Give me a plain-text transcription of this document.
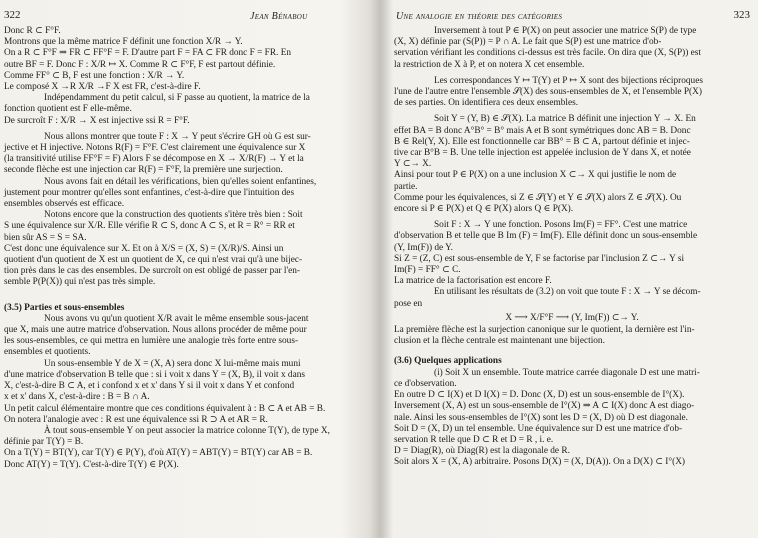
322	Jean Bénabou

Donc R ⊂ F°F.

Montrons que la même matrice F définit une fonction X/R → Y.

On a R ⊂ F°F ⇒ FR ⊂ FF°F = F. D'autre part F = FA ⊂ FR donc F = FR. En

outre BF = F. Donc F : X/R ↦ X. Comme R ⊂ F°F, F est partout définie.

Comme FF° ⊂ B, F est une fonction : X/R → Y.

Le composé X →R X/R →F X est FR, c'est-à-dire F.

Indépendamment du petit calcul, si F passe au quotient, la matrice de la

fonction quotient est F elle-même.

De surcroît F : X/R → X est injective ssi R = F°F.

Nous allons montrer que toute F : X → Y peut s'écrire GH où G est sur-

jective et H injective. Notons R(F) = F°F. C'est clairement une équivalence sur X

(la transitivité utilise FF°F = F) Alors F se décompose en X → X/R(F) → Y et la

seconde flèche est une injection car R(F) = F°F, la première une surjection.

Nous avons fait en détail les vérifications, bien qu'elles soient enfantines,

justement pour montrer qu'elles sont enfantines, c'est-à-dire que l'intuition des

ensembles observés est efficace.

Notons encore que la construction des quotients s'itère très bien : Soit

S une équivalence sur X/R. Elle vérifie R ⊂ S, donc A ⊂ S, et R = R° = RR et

bien sûr AS = S = SA.

C'est donc une équivalence sur X. Et on à X/S = (X, S) = (X/R)/S. Ainsi un

quotient d'un quotient de X est un quotient de X, ce qui n'est vrai qu'à une bijec-

tion près dans le cas des ensembles. De surcroît on est obligé de passer par l'en-

semble P(P(X)) qui n'est pas très simple.

(3.5) Parties et sous-ensembles

Nous avons vu qu'un quotient X/R avait le même ensemble sous-jacent

que X, mais une autre matrice d'observation. Nous allons procéder de même pour

les sous-ensembles, ce qui mettra en lumière une analogie très forte entre sous-

ensembles et quotients.

Un sous-ensemble Y de X = (X, A) sera donc X lui-même mais muni

d'une matrice d'observation B telle que : si i voit x dans Y = (X, B), il voit x dans

X, c'est-à-dire B ⊂ A, et i confond x et x' dans Y si il voit x dans Y et confond

x et x' dans X, c'est-à-dire : B = B ∩ A.

Un petit calcul élémentaire montre que ces conditions équivalent à : B ⊂ A et AB = B.

On notera l'analogie avec : R est une équivalence ssi R ⊃ A et AR = R.

À tout sous-ensemble Y on peut associer la matrice colonne T(Y), de type X,

définie par T(Y) = B.

On a T(Y) = BT(Y), car T(Y) ∈ P(Y), d'où AT(Y) = ABT(Y) = BT(Y) car AB = B.

Donc AT(Y) = T(Y). C'est-à-dire T(Y) ∈ P(X).

Une analogie en théorie des catégories	323

Inversement à tout P ∈ P(X) on peut associer une matrice S(P) de type

(X, X) définie par (S(P)) = P ∩ A. Le fait que S(P) est une matrice d'ob-

servation vérifiant les conditions ci-dessus est très facile. On dira que (X, S(P)) est

la restriction de X à P, et on notera X cet ensemble.

Les correspondances Y ↦ T(Y) et P ↦ X sont des bijections réciproques

l'une de l'autre entre l'ensemble 𝒮(X) des sous-ensembles de X, et l'ensemble P(X)

de ses parties. On identifiera ces deux ensembles.

Soit Y = (Y, B) ∈ 𝒮(X). La matrice B définit une injection Y → X. En

effet BA = B donc A°B° = B° mais A et B sont symétriques donc AB = B. Donc

B ∈ Rel(Y, X). Elle est fonctionnelle car BB° = B ⊂ A, partout définie et injec-

tive car B°B = B. Une telle injection est appelée inclusion de Y dans X, et notée

Y ⊂→ X.

Ainsi pour tout P ∈ P(X) on a une inclusion X ⊂→ X qui justifie le nom de

partie.

Comme pour les équivalences, si Z ∈ 𝒮(Y) et Y ∈ 𝒮(X) alors Z ∈ 𝒮(X). Ou

encore si P ∈ P(X) et Q ∈ P(X) alors Q ∈ P(X).

Soit F : X → Y une fonction. Posons Im(F) = FF°. C'est une matrice

d'observation B et telle que B Im (F) = Im(F). Elle définit donc un sous-ensemble

(Y, Im(F)) de Y.

Si Z = (Z, C) est sous-ensemble de Y, F se factorise par l'inclusion Z ⊂→ Y si

Im(F) = FF° ⊂ C.

La matrice de la factorisation est encore F.

En utilisant les résultats de (3.2) on voit que toute F : X → Y se décom-

pose en

X ⟶ X/F°F ⟶ (Y, Im(F)) ⊂→ Y.

La première flèche est la surjection canonique sur le quotient, la dernière est l'in-

clusion et la flèche centrale est maintenant une bijection.

(3.6) Quelques applications

(i) Soit X un ensemble. Toute matrice carrée diagonale D est une matri-

ce d'observation.

En outre D ⊂ I(X) et D I(X) = D. Donc (X, D) est un sous-ensemble de I°(X).

Inversement (X, A) est un sous-ensemble de I°(X) ⇒ A ⊂ I(X) donc A est diago-

nale. Ainsi les sous-ensembles de I°(X) sont les D = (X, D) où D est diagonale.

Soit D = (X, D) un tel ensemble. Une équivalence sur D est une matrice d'ob-

servation R telle que D ⊂ R et D = R , i. e.

D = Diag(R), où Diag(R) est la diagonale de R.

Soit alors X = (X, A) arbitraire. Posons D(X) = (X, D(A)). On a D(X) ⊂ I°(X)
